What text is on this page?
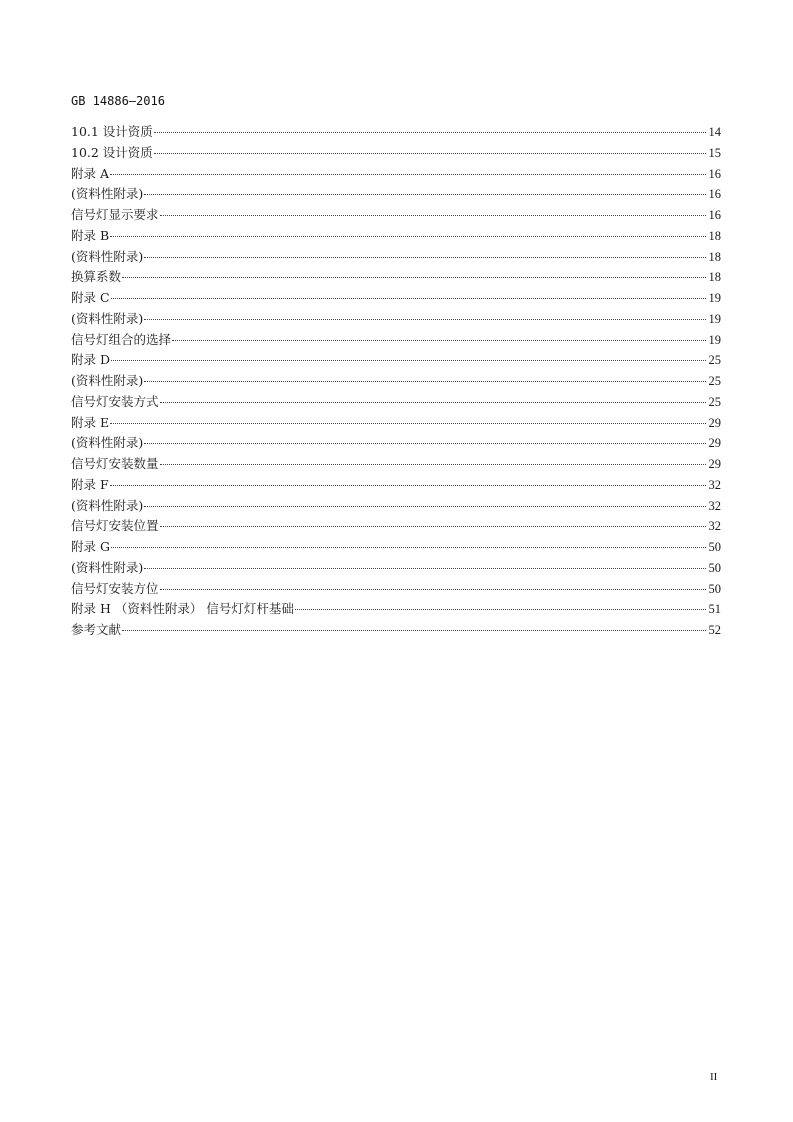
GB 14886—2016
10.1 设计资质	14
10.2 设计资质	15
附录 A	16
(资料性附录)	16
信号灯显示要求	16
附录 B	18
(资料性附录)	18
换算系数	18
附录 C	19
(资料性附录)	19
信号灯组合的选择	19
附录 D	25
(资料性附录)	25
信号灯安装方式	25
附录 E	29
(资料性附录)	29
信号灯安装数量	29
附录 F	32
(资料性附录)	32
信号灯安装位置	32
附录 G	50
(资料性附录)	50
信号灯安装方位	50
附录 H （资料性附录） 信号灯灯杆基础	51
参考文献	52
II
